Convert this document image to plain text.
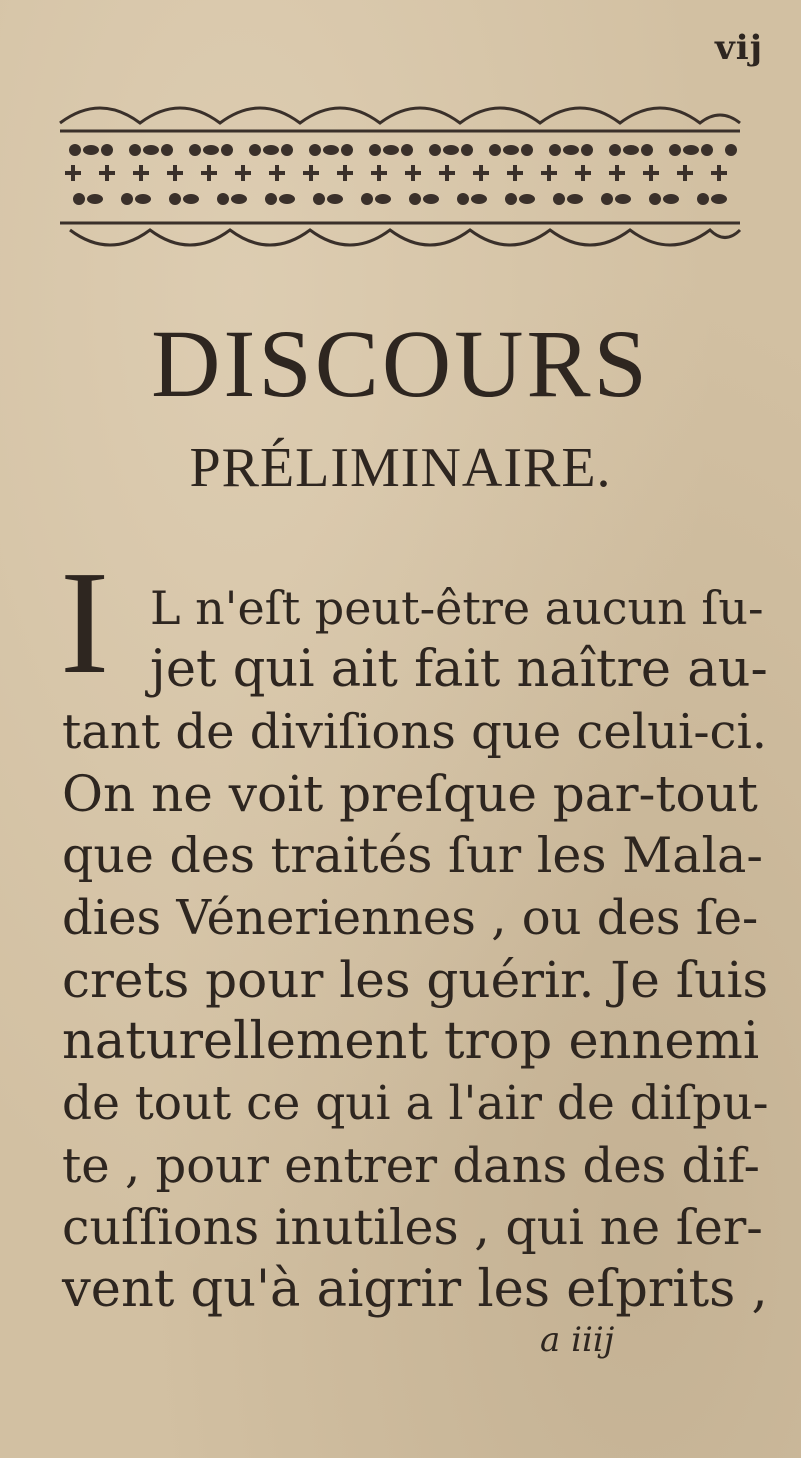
vij
DISCOURS
PRÉLIMINAIRE.
I L n'eſt peut-être aucun ſu-
jet qui ait fait naître au-
tant de diviſions que celui-ci.
On ne voit preſque par-tout
que des traités ſur les Mala-
dies Véneriennes , ou des ſe-
crets pour les guérir. Je ſuis
naturellement trop ennemi
de tout ce qui a l'air de diſpu-
te , pour entrer dans des dif-
cuſſions inutiles , qui ne ſer-
vent qu'à aigrir les eſprits ,
a iiij
